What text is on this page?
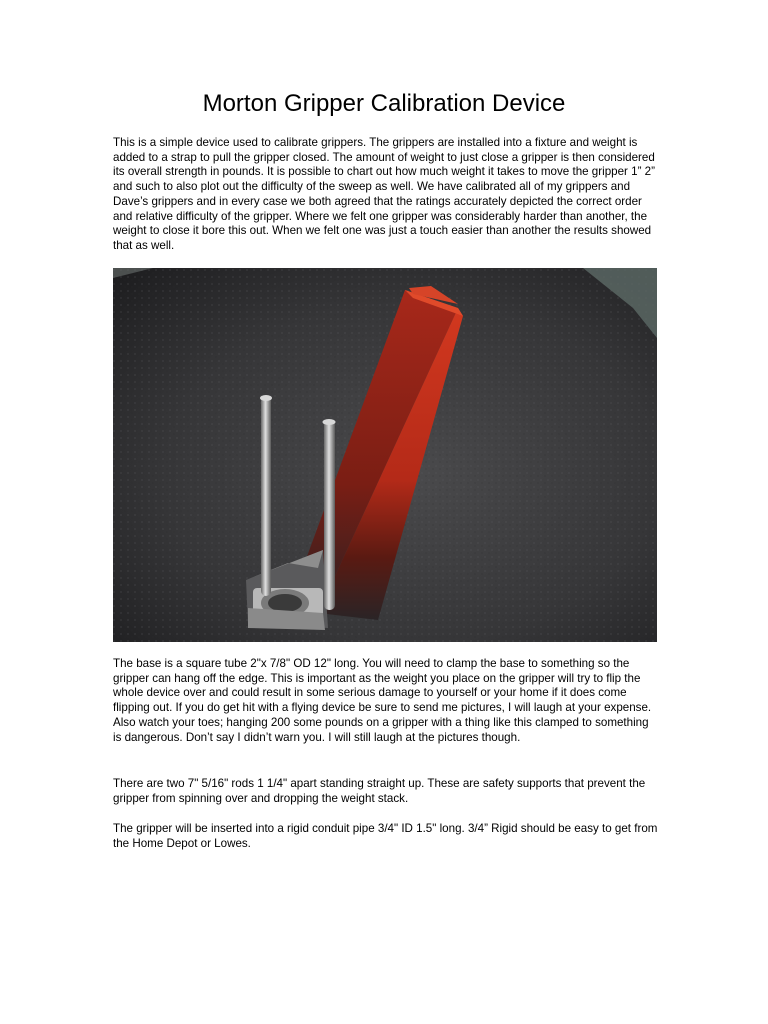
Morton Gripper Calibration Device

This is a simple device used to calibrate grippers. The grippers are installed into a fixture and weight is added to a strap to pull the gripper closed. The amount of weight to just close a gripper is then considered its overall strength in pounds. It is possible to chart out how much weight it takes to move the gripper 1” 2” and such to also plot out the difficulty of the sweep as well. We have calibrated all of my grippers and Dave’s grippers and in every case we both agreed that the ratings accurately depicted the correct order and relative difficulty of the gripper. Where we felt one gripper was considerably harder than another, the weight to close it bore this out. When we felt one was just a touch easier than another the results showed that as well.

The base is a square tube 2"x 7/8" OD 12" long. You will need to clamp the base to something so the gripper can hang off the edge. This is important as the weight you place on the gripper will try to flip the whole device over and could result in some serious damage to yourself or your home if it does come flipping out. If you do get hit with a flying device be sure to send me pictures, I will laugh at your expense. Also watch your toes; hanging 200 some pounds on a gripper with a thing like this clamped to something is dangerous. Don’t say I didn’t warn you. I will still laugh at the pictures though.

There are two 7" 5/16" rods 1 1/4" apart standing straight up. These are safety supports that prevent the gripper from spinning over and dropping the weight stack.

The gripper will be inserted into a rigid conduit pipe 3/4" ID 1.5" long. 3/4” Rigid should be easy to get from the Home Depot or Lowes.
